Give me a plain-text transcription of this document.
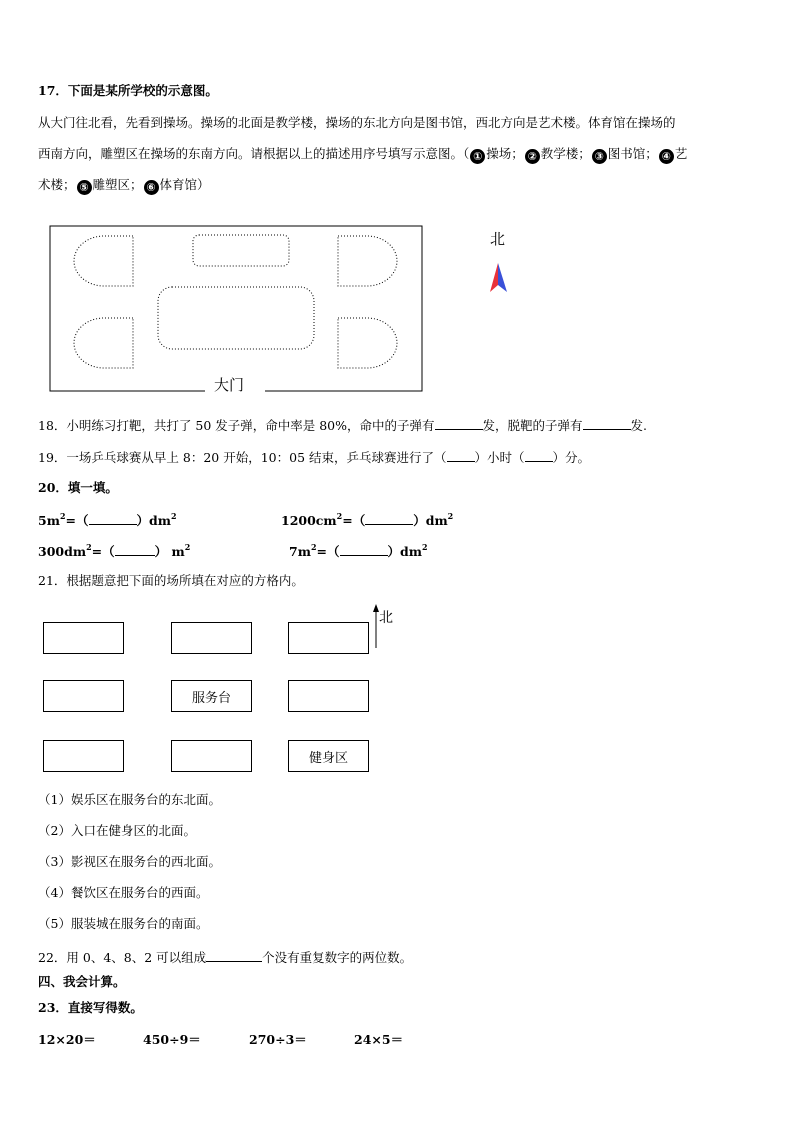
17．下面是某所学校的示意图。
从大门往北看，先看到操场。操场的北面是教学楼，操场的东北方向是图书馆，西北方向是艺术楼。体育馆在操场的
西南方向，雕塑区在操场的东南方向。请根据以上的描述用序号填写示意图。（ ① 操场； ② 教学楼； ③ 图书馆； ④ 艺
术楼； ⑤ 雕塑区； ⑥ 体育馆）
大门
北
18．小明练习打靶，共打了 50 发子弹，命中率是 80%，命中的子弹有	发，脱靶的子弹有	发.
19．一场乒乓球赛从早上 8：20 开始，10：05 结束，乒乓球赛进行了（ ）小时（ ）分。
20．填一填。
$5m^2=$（	）$dm^2$	$1200cm^2=$（	）$dm^2$
$300dm^2=$（	） $m^2$	$7m^2=$（	）$dm^2$
21．根据题意把下面的场所填在对应的方格内。
北
服务台
健身区
（1）娱乐区在服务台的东北面。
（2）入口在健身区的北面。
（3）影视区在服务台的西北面。
（4）餐饮区在服务台的西面。
（5）服装城在服务台的南面。
22．用 0、4、8、2 可以组成	个没有重复数字的两位数。
四、我会计算。
23．直接写得数。
12×20＝	450÷9＝	270÷3＝	24×5＝
